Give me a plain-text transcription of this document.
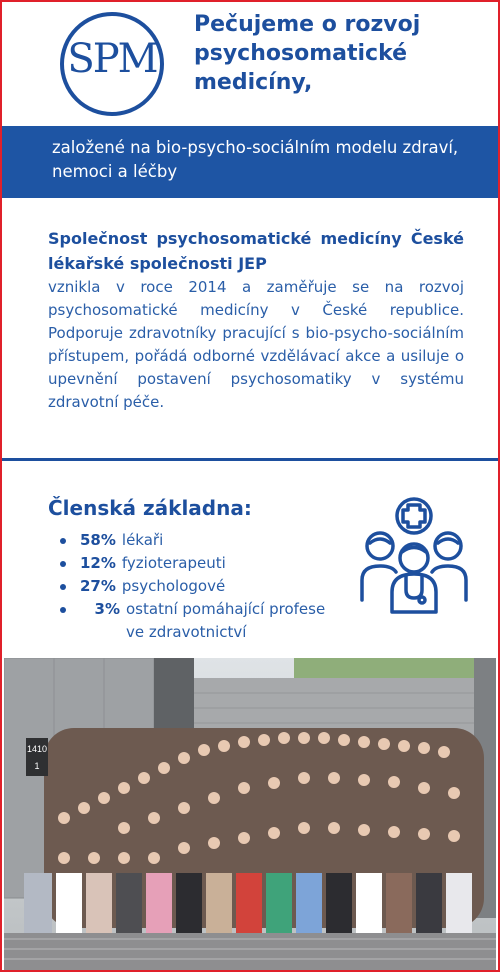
SPM
Pečujeme o rozvoj psychosomatické medicíny,
založené na bio-psycho-sociálním modelu zdraví, nemoci a léčby
Společnost psychosomatické medicíny České lékařské společnosti JEP
vznikla v roce 2014 a zaměřuje se na rozvoj psychosomatické medicíny v České republice. Podporuje zdravotníky pracující s bio-psycho-sociálním přístupem, pořádá odborné vzdělávací akce a usiluje o upevnění postavení psychosomatiky v systému zdravotní péče.
Členská základna:
58% lékaři
12% fyzioterapeuti
27% psychologové
3% ostatní pomáhající profese
ve zdravotnictví
1410
1
